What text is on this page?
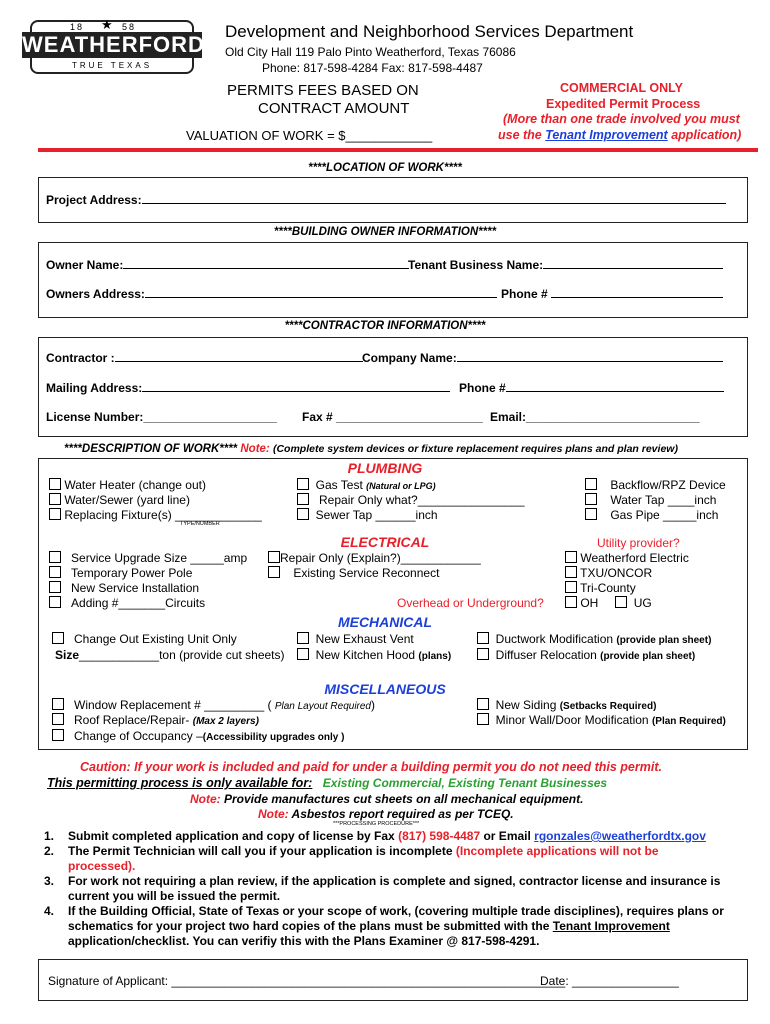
18 ★ 58
WEATHERFORD
TRUE TEXAS
Development and Neighborhood Services Department
Old City Hall 119 Palo Pinto Weatherford, Texas 76086
Phone: 817-598-4284 Fax: 817-598-4487
PERMITS FEES BASED ON
CONTRACT AMOUNT
VALUATION OF WORK = $____________
COMMERCIAL ONLY
Expedited Permit Process
(More than one trade involved you must
use the Tenant Improvement application)
****LOCATION OF WORK****
Project Address:
****BUILDING OWNER INFORMATION****
Owner Name:	Tenant Business Name:
Owners Address:	Phone #
****CONTRACTOR INFORMATION****
Contractor :	Company Name:
Mailing Address:	Phone #
License Number:____________________ Fax # ______________________ Email:__________________________
****DESCRIPTION OF WORK**** Note: (Complete system devices or fixture replacement requires plans and plan review)
PLUMBING
Water Heater (change out)
Water/Sewer (yard line)
Replacing Fixture(s) _____________
TYPE/NUMBER
Gas Test (Natural or LPG)
Repair Only what?________________
Sewer Tap ______inch
Backflow/RPZ Device
Water Tap ____inch
Gas Pipe _____inch
ELECTRICAL
Service Upgrade Size _____amp
Temporary Power Pole
New Service Installation
Adding #_______Circuits
Repair Only (Explain?)____________
Existing Service Reconnect
Overhead or Underground?
Utility provider?
Weatherford Electric
TXU/ONCOR
Tri-County
OH	UG
MECHANICAL
Change Out Existing Unit Only
Size____________ton (provide cut sheets)
New Exhaust Vent
New Kitchen Hood (plans)
Ductwork Modification (provide plan sheet)
Diffuser Relocation (provide plan sheet)
MISCELLANEOUS
Window Replacement # _________ ( Plan Layout Required)
Roof Replace/Repair- (Max 2 layers)
Change of Occupancy –(Accessibility upgrades only )
New Siding (Setbacks Required)
Minor Wall/Door Modification (Plan Required)
Caution: If your work is included and paid for under a building permit you do not need this permit.
This permitting process is only available for: Existing Commercial, Existing Tenant Businesses
Note: Provide manufactures cut sheets on all mechanical equipment.
Note: Asbestos report required as per TCEQ.
***PROCESSING PROCEDURE***
1. Submit completed application and copy of license by Fax (817) 598-4487 or Email rgonzales@weatherfordtx.gov
2. The Permit Technician will call you if your application is incomplete (Incomplete applications will not be processed).
3. For work not requiring a plan review, if the application is complete and signed, contractor license and insurance is current you will be issued the permit.
4. If the Building Official, State of Texas or your scope of work, (covering multiple trade disciplines), requires plans or schematics for your project two hard copies of the plans must be submitted with the Tenant Improvement application/checklist. You can verifiy this with the Plans Examiner @ 817-598-4291.
Signature of Applicant: ___________________________________________________________
Date: ________________
